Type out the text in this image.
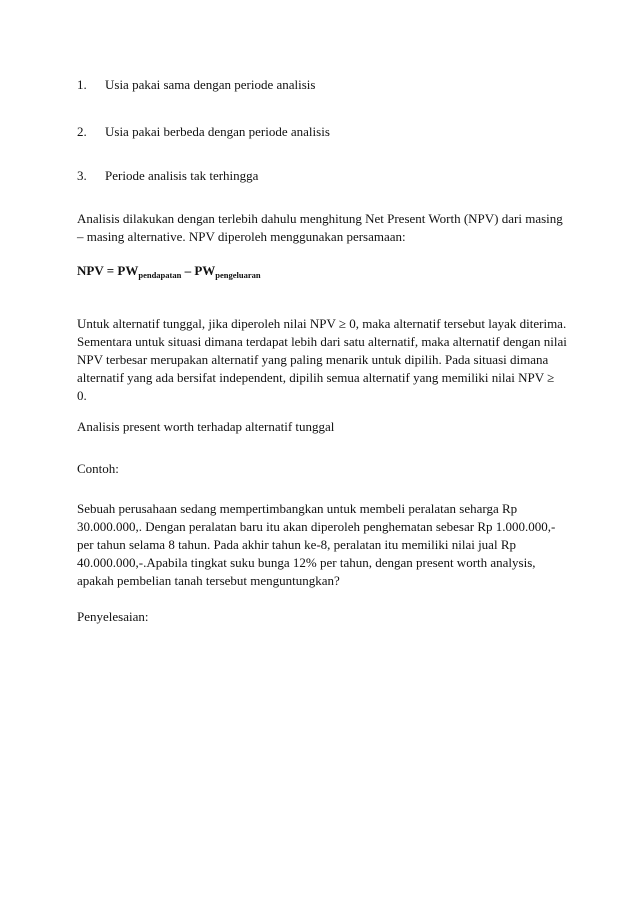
1. Usia pakai sama dengan periode analisis
2. Usia pakai berbeda dengan periode analisis
3. Periode analisis tak terhingga

Analisis dilakukan dengan terlebih dahulu menghitung Net Present Worth (NPV) dari masing – masing alternative. NPV diperoleh menggunakan persamaan:

NPV = $PW_{pendapatan} - PW_{pengeluaran}$

Untuk alternatif tunggal, jika diperoleh nilai NPV ≥ 0, maka alternatif tersebut layak diterima. Sementara untuk situasi dimana terdapat lebih dari satu alternatif, maka alternatif dengan nilai NPV terbesar merupakan alternatif yang paling menarik untuk dipilih. Pada situasi dimana alternatif yang ada bersifat independent, dipilih semua alternatif yang memiliki nilai NPV ≥ 0.

Analisis present worth terhadap alternatif tunggal

Contoh:

Sebuah perusahaan sedang mempertimbangkan untuk membeli peralatan seharga Rp 30.000.000,. Dengan peralatan baru itu akan diperoleh penghematan sebesar Rp 1.000.000,- per tahun selama 8 tahun. Pada akhir tahun ke-8, peralatan itu memiliki nilai jual Rp 40.000.000,-.Apabila tingkat suku bunga 12% per tahun, dengan present worth analysis, apakah pembelian tanah tersebut menguntungkan?

Penyelesaian:
